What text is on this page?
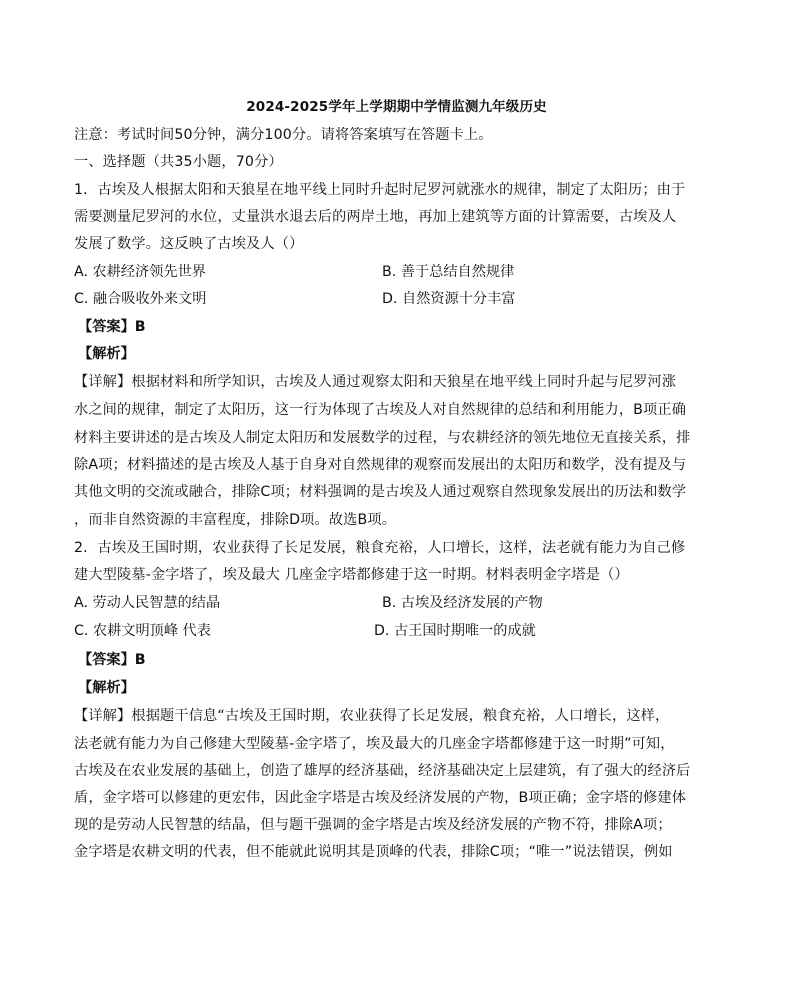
2024-2025学年上学期期中学情监测九年级历史
注意：考试时间50分钟，满分100分。请将答案填写在答题卡上。
一、选择题（共35小题，70分）
1．古埃及人根据太阳和天狼星在地平线上同时升起时尼罗河就涨水的规律，制定了太阳历；由于
需要测量尼罗河的水位，丈量洪水退去后的两岸土地，再加上建筑等方面的计算需要，古埃及人
发展了数学。这反映了古埃及人（）
A. 农耕经济领先世界	B. 善于总结自然规律
C. 融合吸收外来文明	D. 自然资源十分丰富
【答案】B
【解析】
【详解】根据材料和所学知识，古埃及人通过观察太阳和天狼星在地平线上同时升起与尼罗河涨
水之间的规律，制定了太阳历，这一行为体现了古埃及人对自然规律的总结和利用能力，B项正确
材料主要讲述的是古埃及人制定太阳历和发展数学的过程，与农耕经济的领先地位无直接关系，排
除A项；材料描述的是古埃及人基于自身对自然规律的观察而发展出的太阳历和数学，没有提及与
其他文明的交流或融合，排除C项；材料强调的是古埃及人通过观察自然现象发展出的历法和数学
，而非自然资源的丰富程度，排除D项。故选B项。
2．古埃及王国时期，农业获得了长足发展，粮食充裕，人口增长，这样，法老就有能力为自己修
建大型陵墓-金字塔了，埃及最大 几座金字塔都修建于这一时期。材料表明金字塔是（）
A. 劳动人民智慧的结晶	B. 古埃及经济发展的产物
C. 农耕文明顶峰 代表	D. 古王国时期唯一的成就
【答案】B
【解析】
【详解】根据题干信息“古埃及王国时期，农业获得了长足发展，粮食充裕，人口增长，这样，
法老就有能力为自己修建大型陵墓-金字塔了，埃及最大的几座金字塔都修建于这一时期”可知，
古埃及在农业发展的基础上，创造了雄厚的经济基础，经济基础决定上层建筑，有了强大的经济后
盾，金字塔可以修建的更宏伟，因此金字塔是古埃及经济发展的产物，B项正确；金字塔的修建体
现的是劳动人民智慧的结晶，但与题干强调的金字塔是古埃及经济发展的产物不符，排除A项；
金字塔是农耕文明的代表，但不能就此说明其是顶峰的代表，排除C项；“唯一”说法错误，例如
